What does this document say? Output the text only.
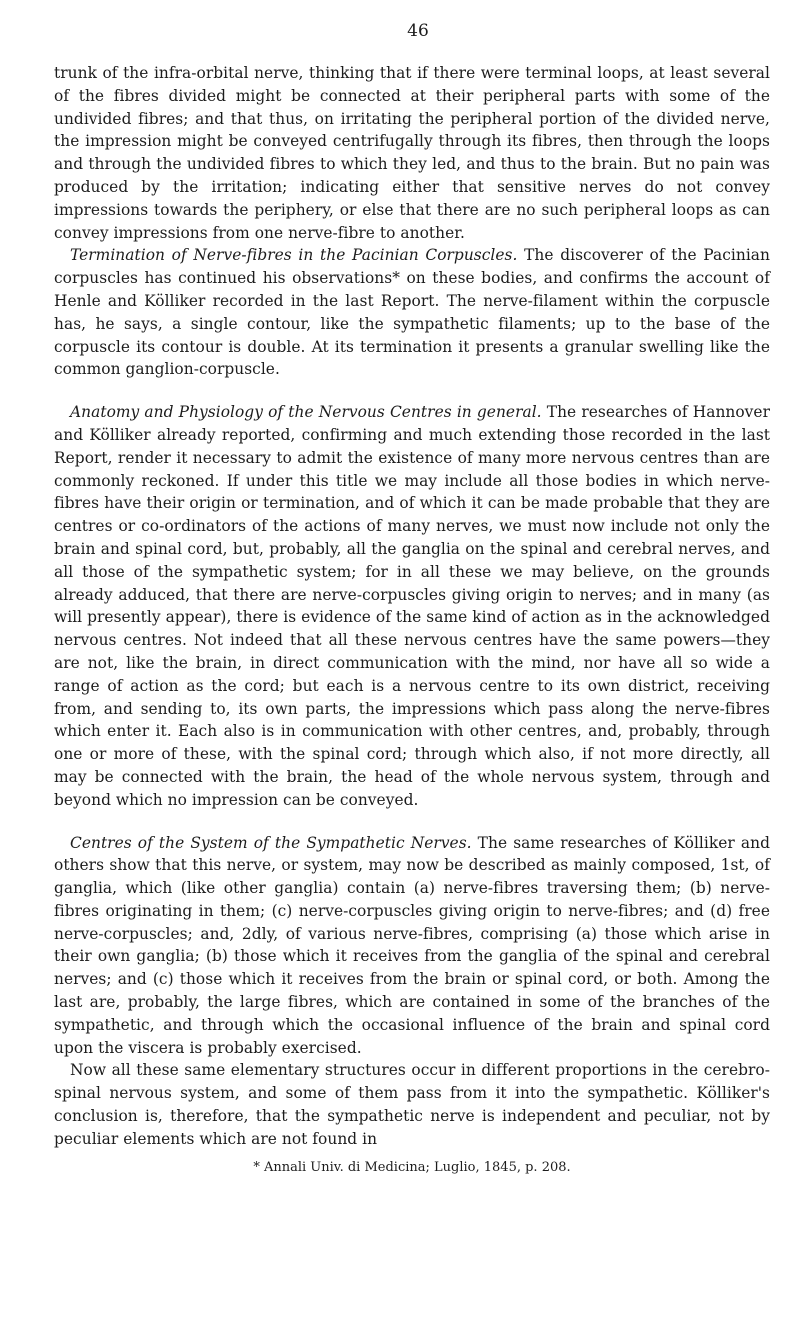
46

trunk of the infra-orbital nerve, thinking that if there were terminal loops, at least several of the fibres divided might be connected at their peripheral parts with some of the undivided fibres; and that thus, on irritating the peripheral portion of the divided nerve, the impression might be conveyed centrifugally through its fibres, then through the loops and through the undivided fibres to which they led, and thus to the brain. But no pain was produced by the irritation; indicating either that sensitive nerves do not convey impressions towards the periphery, or else that there are no such peripheral loops as can convey impressions from one nerve-fibre to another.

Termination of Nerve-fibres in the Pacinian Corpuscles. The discoverer of the Pacinian corpuscles has continued his observations* on these bodies, and confirms the account of Henle and Kölliker recorded in the last Report. The nerve-filament within the corpuscle has, he says, a single contour, like the sympathetic filaments; up to the base of the corpuscle its contour is double. At its termination it presents a granular swelling like the common ganglion-corpuscle.

Anatomy and Physiology of the Nervous Centres in general. The researches of Hannover and Kölliker already reported, confirming and much extending those recorded in the last Report, render it necessary to admit the existence of many more nervous centres than are commonly reckoned. If under this title we may include all those bodies in which nerve-fibres have their origin or termination, and of which it can be made probable that they are centres or co-ordinators of the actions of many nerves, we must now include not only the brain and spinal cord, but, probably, all the ganglia on the spinal and cerebral nerves, and all those of the sympathetic system; for in all these we may believe, on the grounds already adduced, that there are nerve-corpuscles giving origin to nerves; and in many (as will presently appear), there is evidence of the same kind of action as in the acknowledged nervous centres. Not indeed that all these nervous centres have the same powers—they are not, like the brain, in direct communication with the mind, nor have all so wide a range of action as the cord; but each is a nervous centre to its own district, receiving from, and sending to, its own parts, the impressions which pass along the nerve-fibres which enter it. Each also is in communication with other centres, and, probably, through one or more of these, with the spinal cord; through which also, if not more directly, all may be connected with the brain, the head of the whole nervous system, through and beyond which no impression can be conveyed.

Centres of the System of the Sympathetic Nerves. The same researches of Kölliker and others show that this nerve, or system, may now be described as mainly composed, 1st, of ganglia, which (like other ganglia) contain (a) nerve-fibres traversing them; (b) nerve-fibres originating in them; (c) nerve-corpuscles giving origin to nerve-fibres; and (d) free nerve-corpuscles; and, 2dly, of various nerve-fibres, comprising (a) those which arise in their own ganglia; (b) those which it receives from the ganglia of the spinal and cerebral nerves; and (c) those which it receives from the brain or spinal cord, or both. Among the last are, probably, the large fibres, which are contained in some of the branches of the sympathetic, and through which the occasional influence of the brain and spinal cord upon the viscera is probably exercised.

Now all these same elementary structures occur in different proportions in the cerebro-spinal nervous system, and some of them pass from it into the sympathetic. Kölliker's conclusion is, therefore, that the sympathetic nerve is independent and peculiar, not by peculiar elements which are not found in

* Annali Univ. di Medicina; Luglio, 1845, p. 208.
